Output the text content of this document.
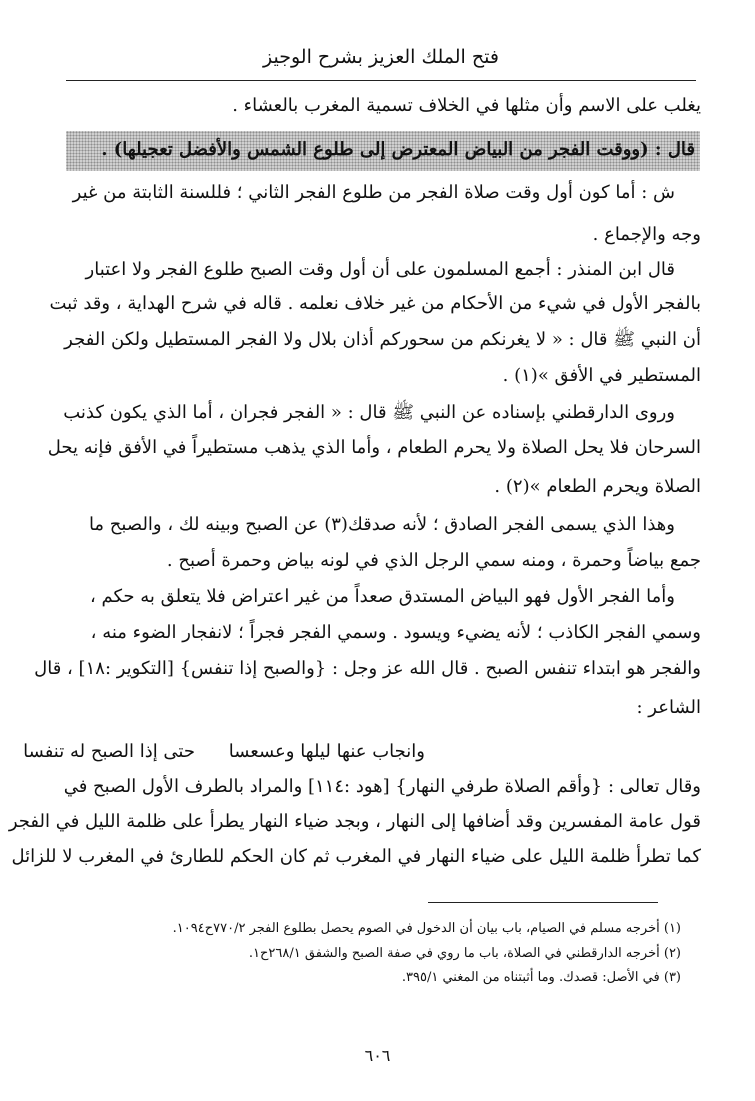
فتح الملك العزيز بشرح الوجيز
يغلب على الاسم وأن مثلها في الخلاف تسمية المغرب بالعشاء .
قال : (ووقت الفجر من البياض المعترض إلى طلوع الشمس والأفضل تعجيلها) .
ش : أما كون أول وقت صلاة الفجر من طلوع الفجر الثاني ؛ فللسنة الثابتة من غير
وجه والإجماع .
قال ابن المنذر : أجمع المسلمون على أن أول وقت الصبح طلوع الفجر ولا اعتبار
بالفجر الأول في شيء من الأحكام من غير خلاف نعلمه . قاله في شرح الهداية ، وقد ثبت
أن النبي ﷺ قال : « لا يغرنكم من سحوركم أذان بلال ولا الفجر المستطيل ولكن الفجر
المستطير في الأفق »(١) .
وروى الدارقطني بإسناده عن النبي ﷺ قال : « الفجر فجران ، أما الذي يكون كذنب
السرحان فلا يحل الصلاة ولا يحرم الطعام ، وأما الذي يذهب مستطيراً في الأفق فإنه يحل
الصلاة ويحرم الطعام »(٢) .
وهذا الذي يسمى الفجر الصادق ؛ لأنه صدقك(٣) عن الصبح وبينه لك ، والصبح ما
جمع بياضاً وحمرة ، ومنه سمي الرجل الذي في لونه بياض وحمرة أصبح .
وأما الفجر الأول فهو البياض المستدق صعداً من غير اعتراض فلا يتعلق به حكم ،
وسمي الفجر الكاذب ؛ لأنه يضيء ويسود . وسمي الفجر فجراً ؛ لانفجار الضوء منه ،
والفجر هو ابتداء تنفس الصبح . قال الله عز وجل : {والصبح إذا تنفس} [التكوير :١٨] ، قال
الشاعر :
وانجاب عنها ليلها وعسعسا
حتى إذا الصبح له تنفسا
وقال تعالى : {وأقم الصلاة طرفي النهار} [هود :١١٤] والمراد بالطرف الأول الصبح في
قول عامة المفسرين وقد أضافها إلى النهار ، وبجد ضياء النهار يطرأ على ظلمة الليل في الفجر
كما تطرأ ظلمة الليل على ضياء النهار في المغرب ثم كان الحكم للطارئ في المغرب لا للزائل
(١) أخرجه مسلم في الصيام، باب بيان أن الدخول في الصوم يحصل بطلوع الفجر ٧٧٠/٢ح١٠٩٤.
(٢) أخرجه الدارقطني في الصلاة، باب ما روي في صفة الصبح والشفق ٢٦٨/١ح١.
(٣) في الأصل: قصدك. وما أثبتناه من المغني ٣٩٥/١.
٦٠٦
